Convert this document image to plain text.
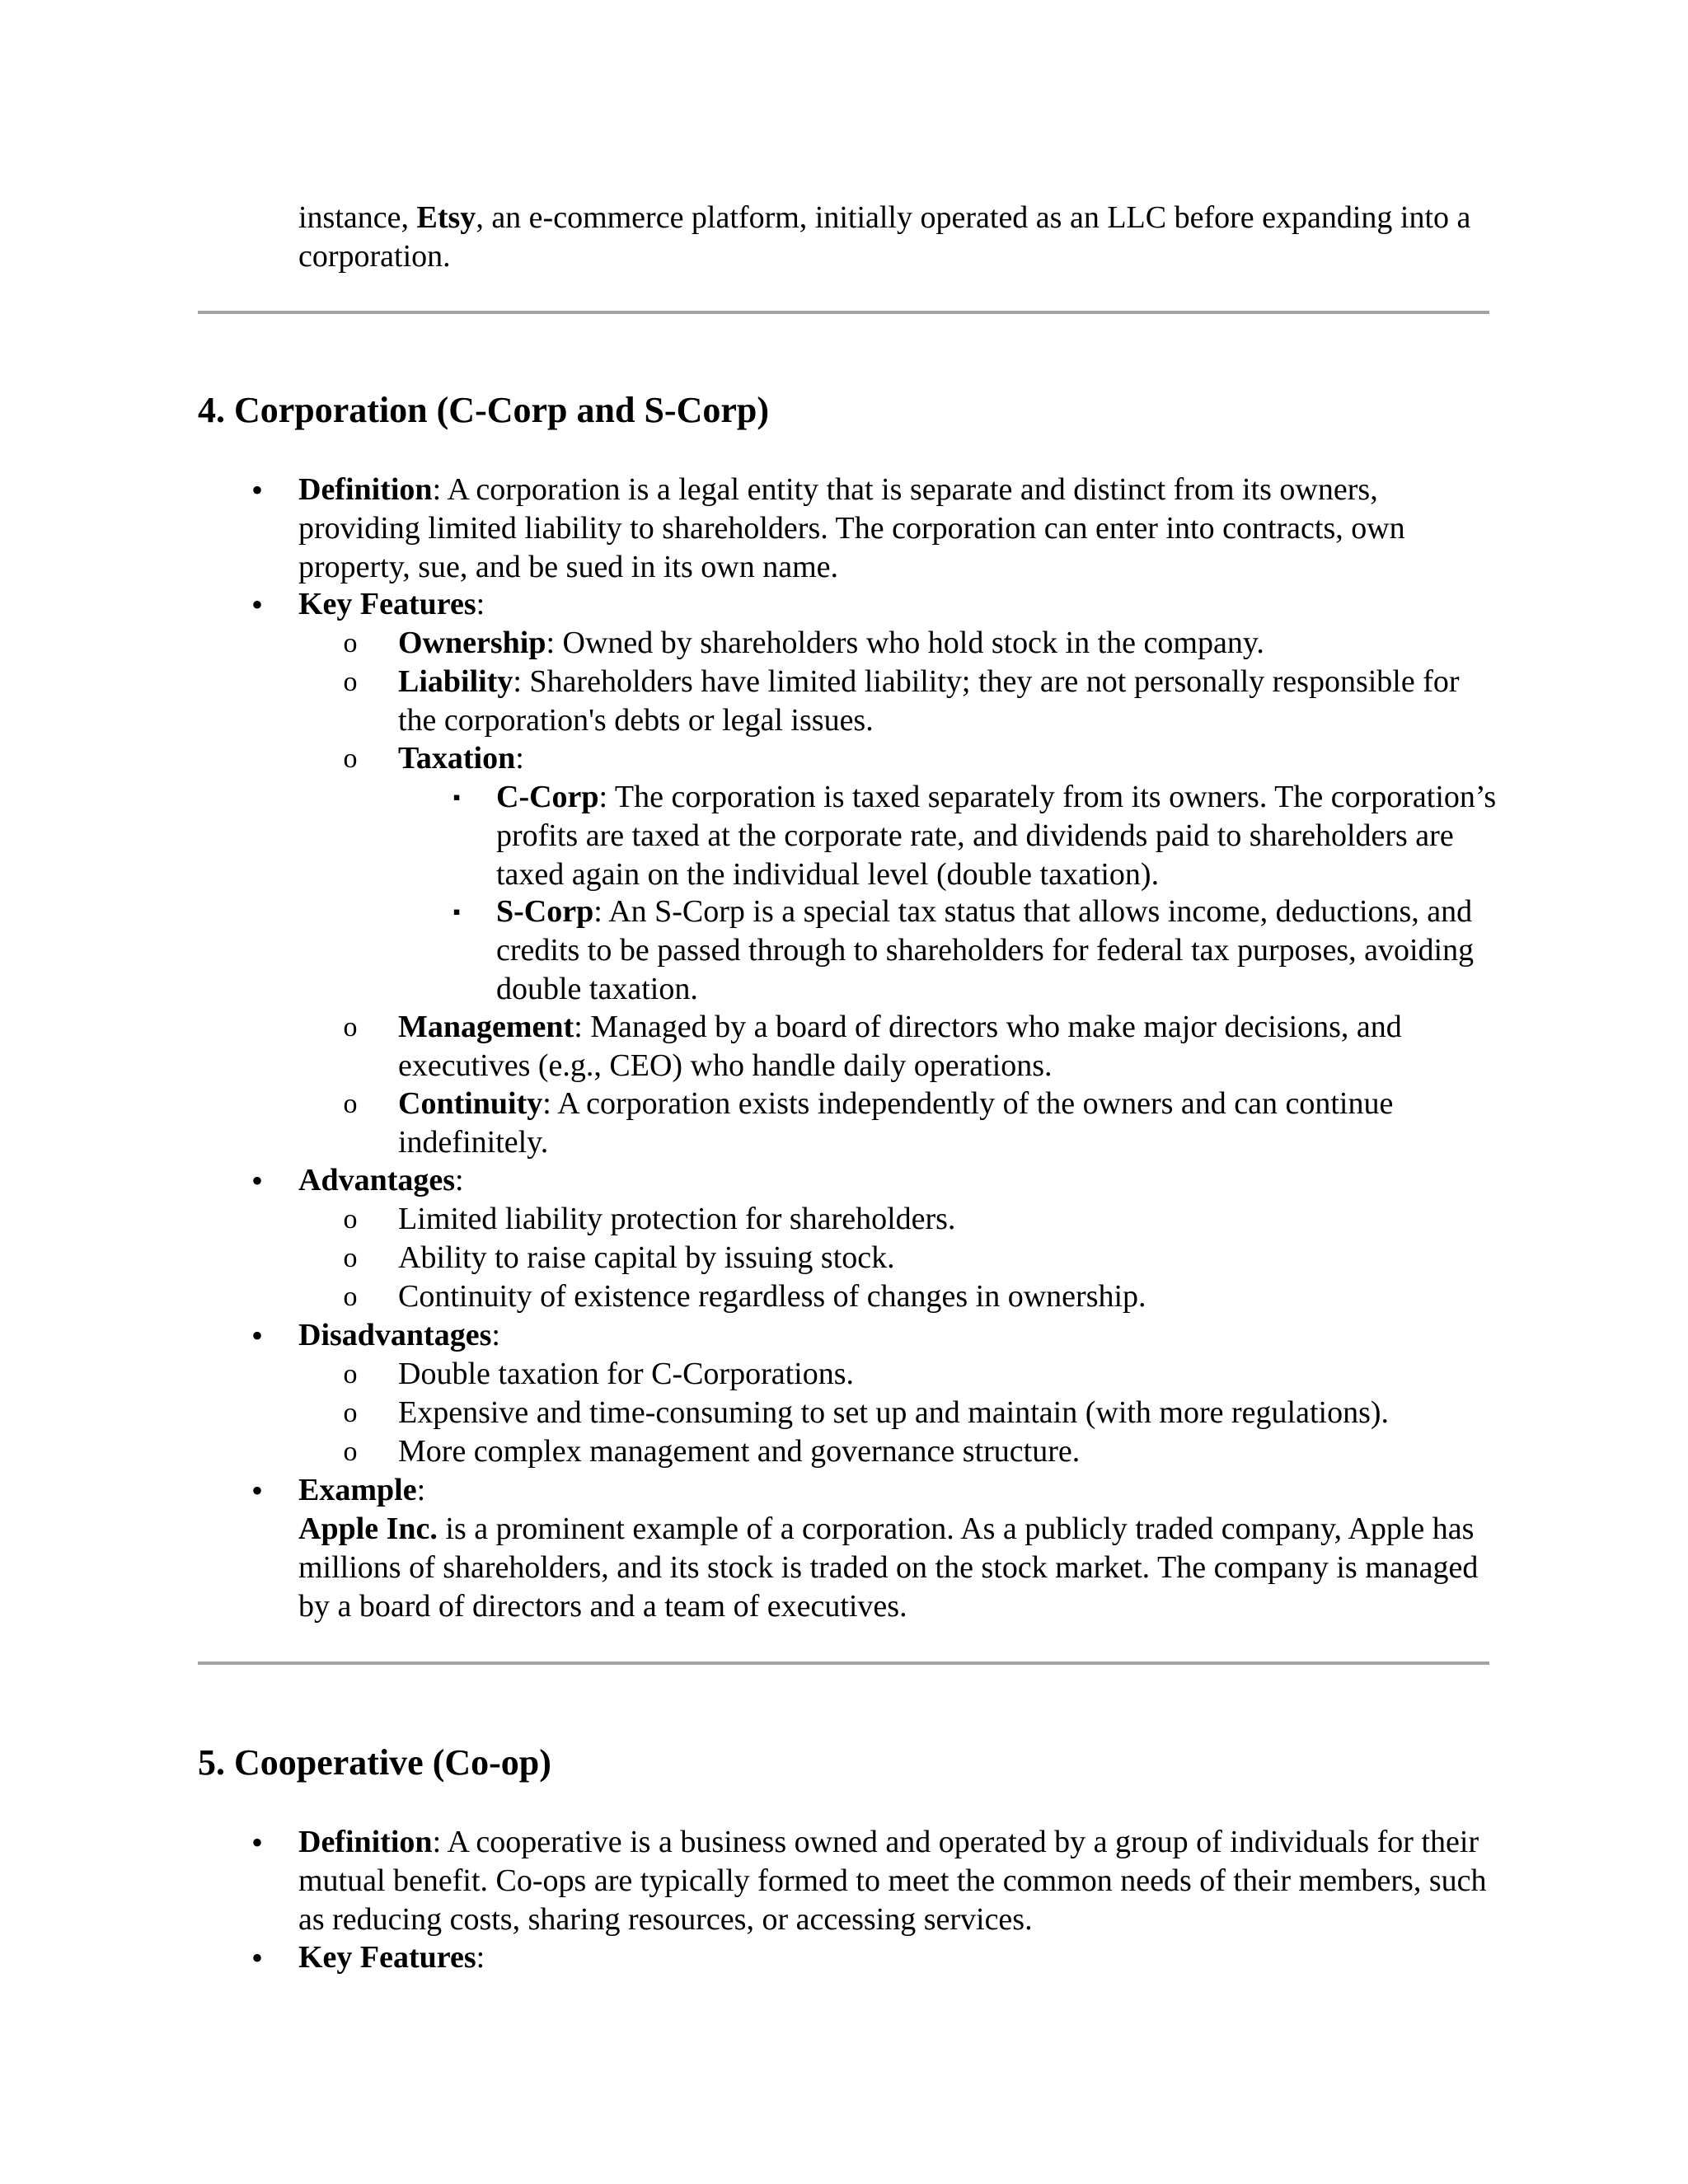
instance, Etsy, an e-commerce platform, initially operated as an LLC before expanding into a corporation.

4. Corporation (C-Corp and S-Corp)
•	Definition: A corporation is a legal entity that is separate and distinct from its owners, providing limited liability to shareholders. The corporation can enter into contracts, own property, sue, and be sued in its own name.
•	Key Features:
o	Ownership: Owned by shareholders who hold stock in the company.
o	Liability: Shareholders have limited liability; they are not personally responsible for the corporation's debts or legal issues.
o	Taxation:
▪	C-Corp: The corporation is taxed separately from its owners. The corporation’s profits are taxed at the corporate rate, and dividends paid to shareholders are taxed again on the individual level (double taxation).
▪	S-Corp: An S-Corp is a special tax status that allows income, deductions, and credits to be passed through to shareholders for federal tax purposes, avoiding double taxation.
o	Management: Managed by a board of directors who make major decisions, and executives (e.g., CEO) who handle daily operations.
o	Continuity: A corporation exists independently of the owners and can continue indefinitely.
•	Advantages:
o	Limited liability protection for shareholders.
o	Ability to raise capital by issuing stock.
o	Continuity of existence regardless of changes in ownership.
•	Disadvantages:
o	Double taxation for C-Corporations.
o	Expensive and time-consuming to set up and maintain (with more regulations).
o	More complex management and governance structure.
•	Example:
Apple Inc. is a prominent example of a corporation. As a publicly traded company, Apple has millions of shareholders, and its stock is traded on the stock market. The company is managed by a board of directors and a team of executives.
5. Cooperative (Co-op)
•	Definition: A cooperative is a business owned and operated by a group of individuals for their mutual benefit. Co-ops are typically formed to meet the common needs of their members, such as reducing costs, sharing resources, or accessing services.
•	Key Features:
